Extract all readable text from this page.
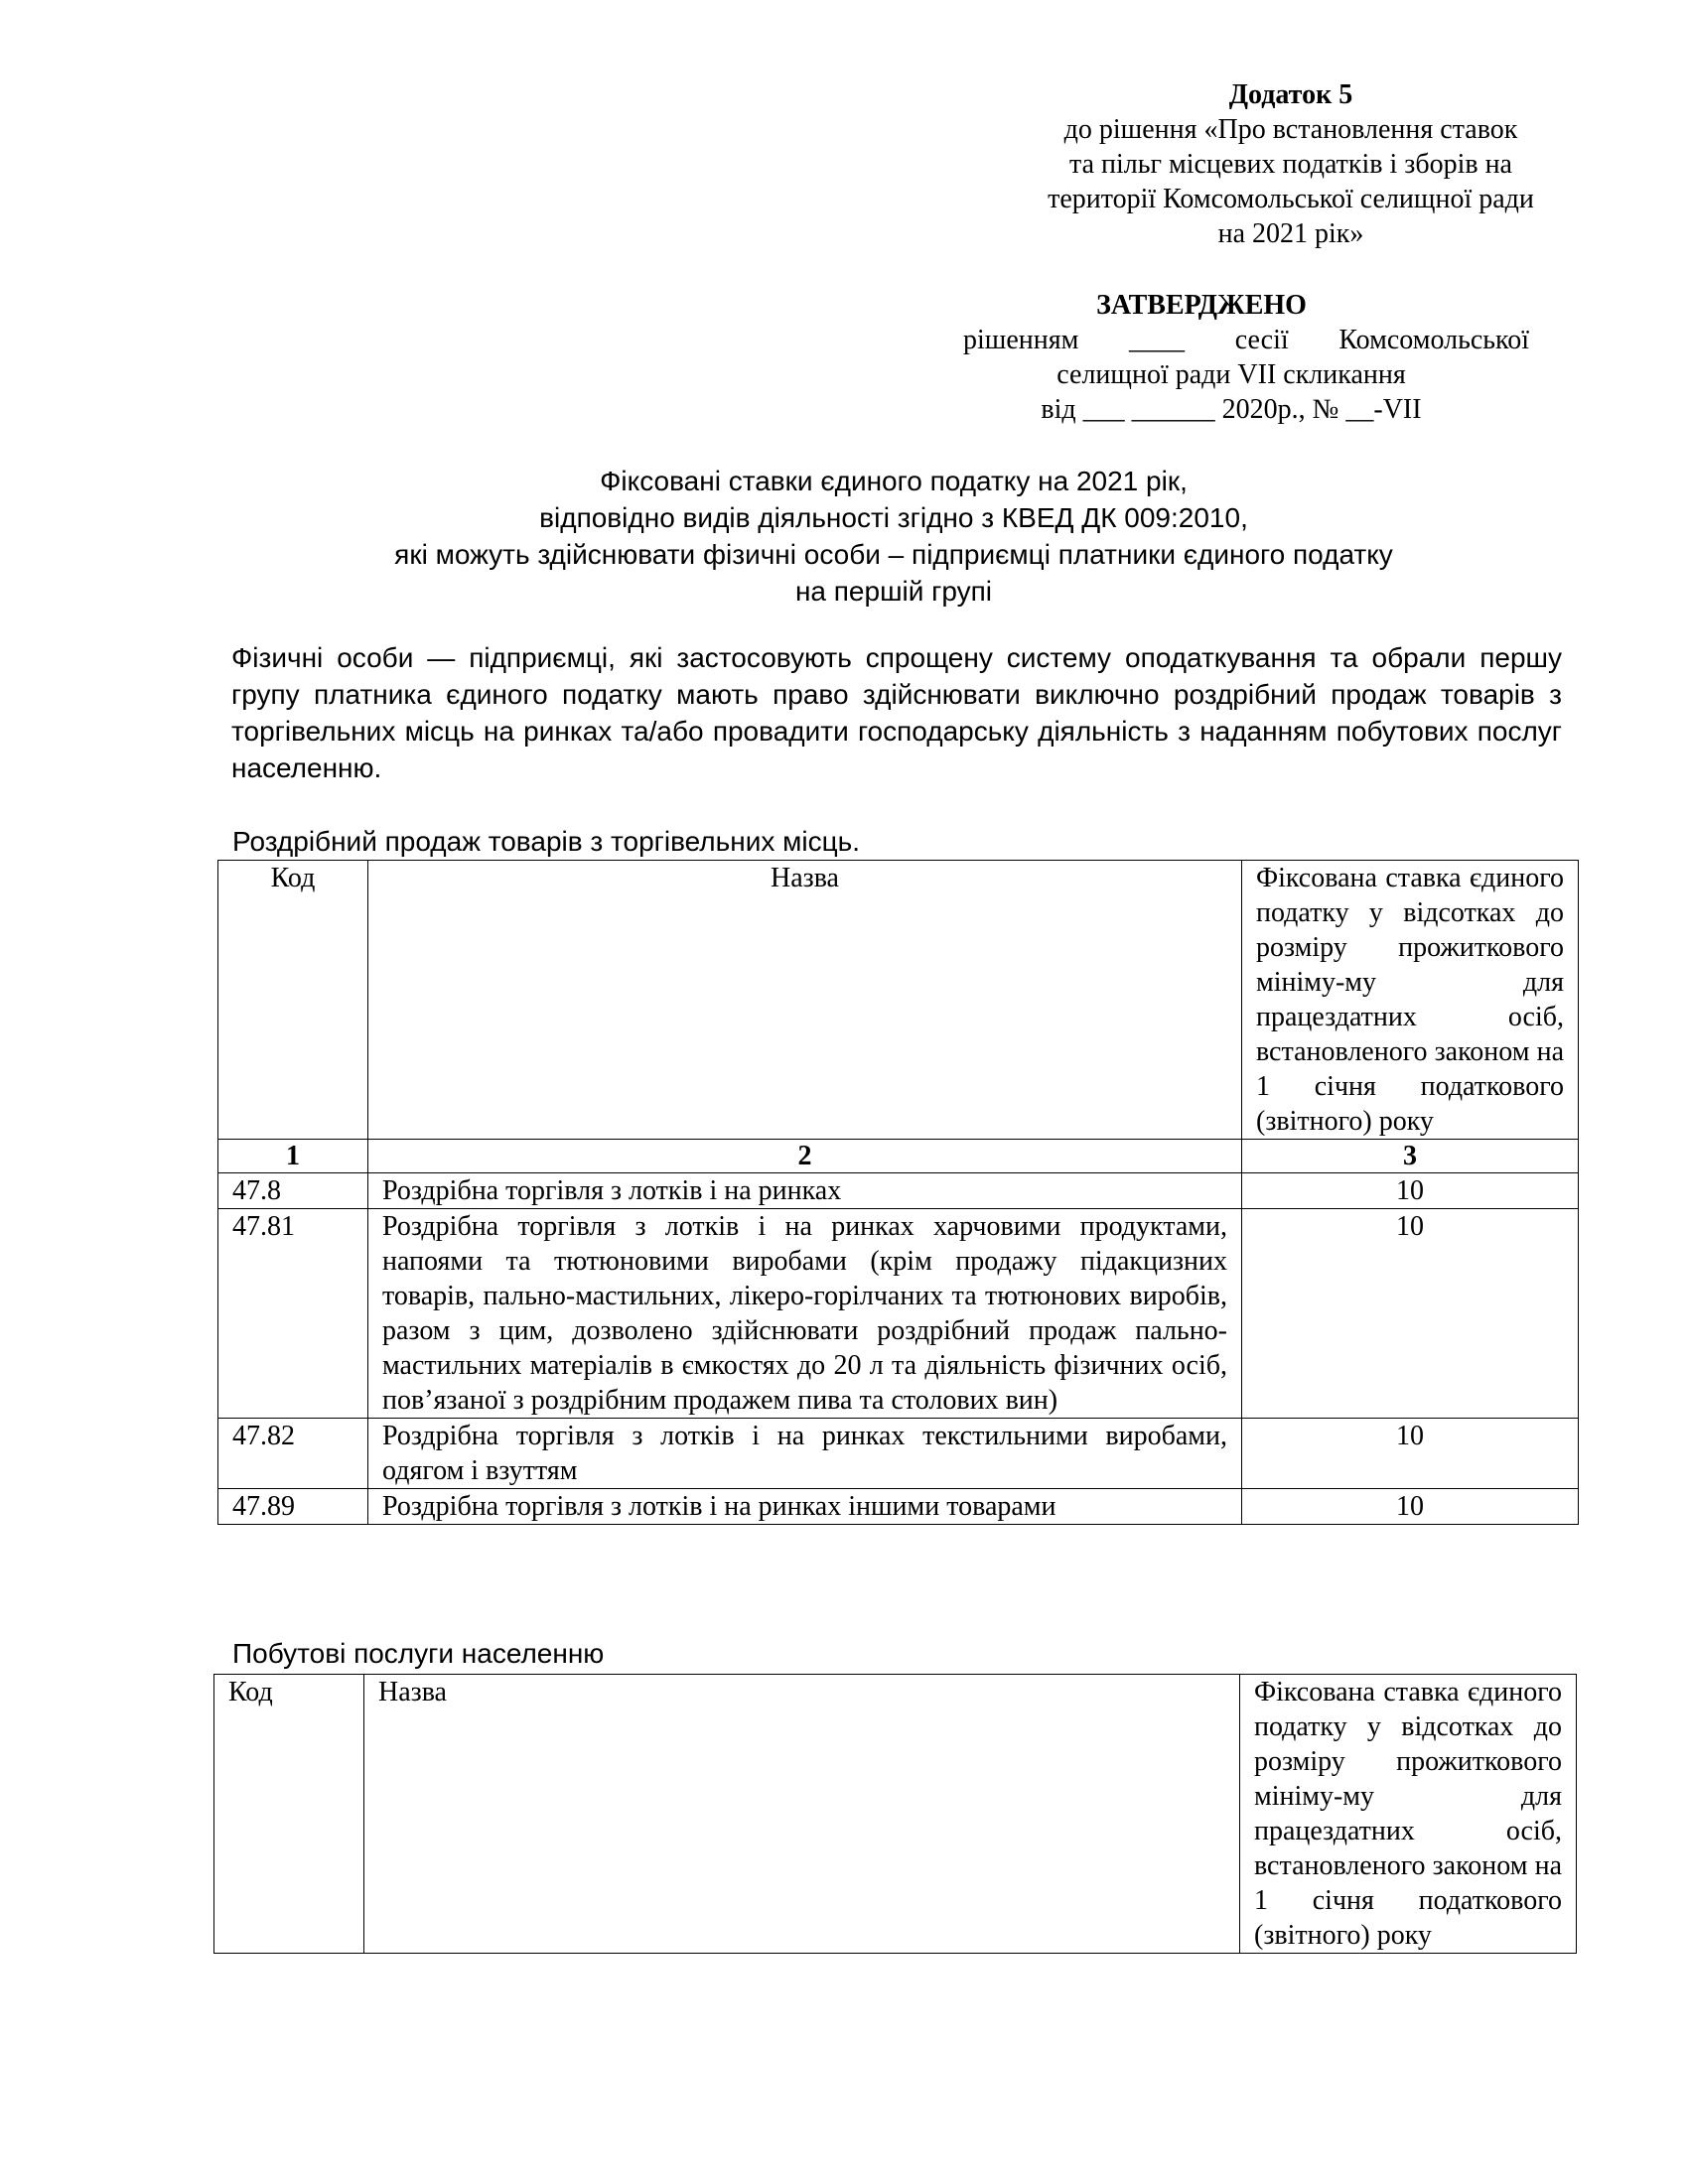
Додаток 5
до рішення «Про встановлення ставок
та пільг місцевих податків і зборів на
території Комсомольської селищної ради
на 2021 рік»
ЗАТВЕРДЖЕНО
рішенням ____ сесії Комсомольської
селищної ради VII скликання
від ___ ______ 2020р., № __-VII
Фіксовані ставки єдиного податку на 2021 рік,
відповідно видів діяльності згідно з КВЕД ДК 009:2010,
які можуть здійснювати фізичні особи – підприємці платники єдиного податку
на першій групі
Фізичні особи — підприємці, які застосовують спрощену систему оподаткування та обрали першу групу платника єдиного податку мають право здійснювати виключно роздрібний продаж товарів з торгівельних місць на ринках та/або провадити господарську діяльність з наданням побутових послуг населенню.
Роздрібний продаж товарів з торгівельних місць.
Код	Назва	Фіксована ставка єдиного податку у відсотках до розміру прожиткового мініму-му для працездатних осіб, встановленого законом на 1 січня податкового (звітного) року
1	2	3
47.8	Роздрібна торгівля з лотків і на ринках	10
47.81	Роздрібна торгівля з лотків і на ринках харчовими продуктами, напоями та тютюновими виробами (крім продажу підакцизних товарів, пально-мастильних, лікеро-горілчаних та тютюнових виробів, разом з цим, дозволено здійснювати роздрібний продаж пально-мастильних матеріалів в ємкостях до 20 л та діяльність фізичних осіб, пов’язаної з роздрібним продажем пива та столових вин)	10
47.82	Роздрібна торгівля з лотків і на ринках текстильними виробами, одягом і взуттям	10
47.89	Роздрібна торгівля з лотків і на ринках іншими товарами	10
Побутові послуги населенню
Код	Назва	Фіксована ставка єдиного податку у відсотках до розміру прожиткового мініму-му для працездатних осіб, встановленого законом на 1 січня податкового (звітного) року
